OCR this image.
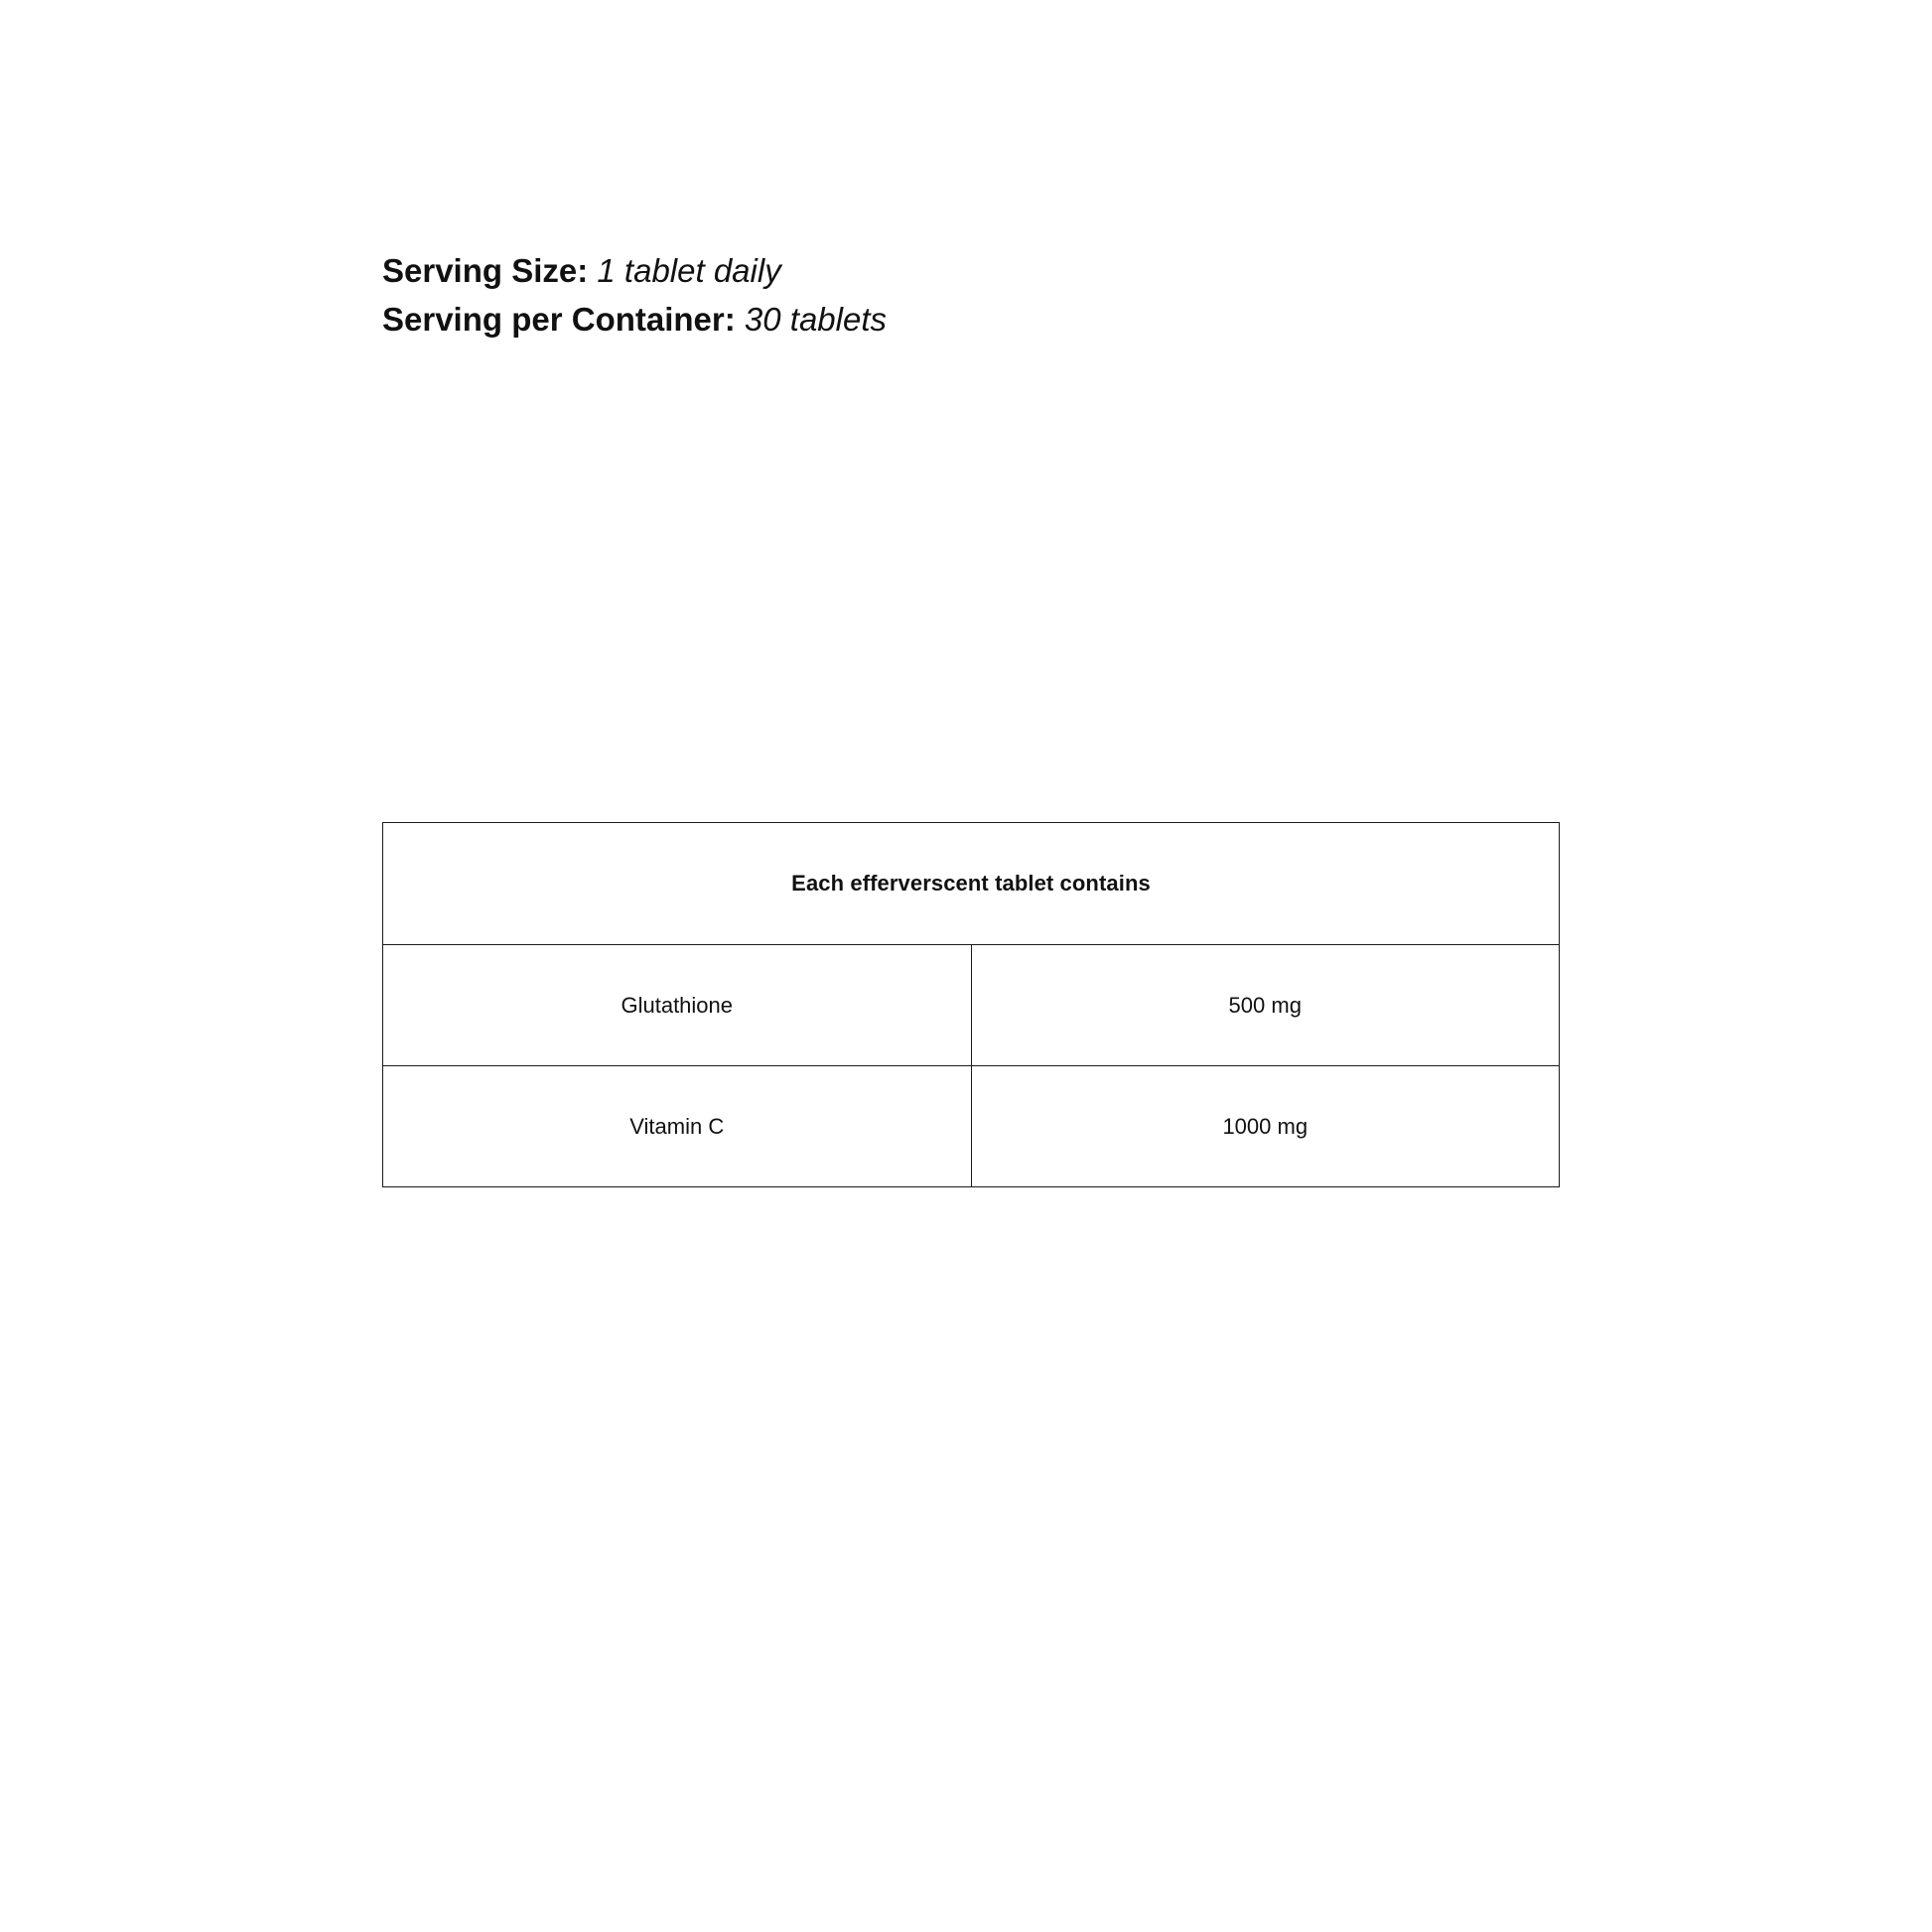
Serving Size: 1 tablet daily
Serving per Container: 30 tablets
Each efferverscent tablet contains	
Glutathione	500 mg
Vitamin C	1000 mg
